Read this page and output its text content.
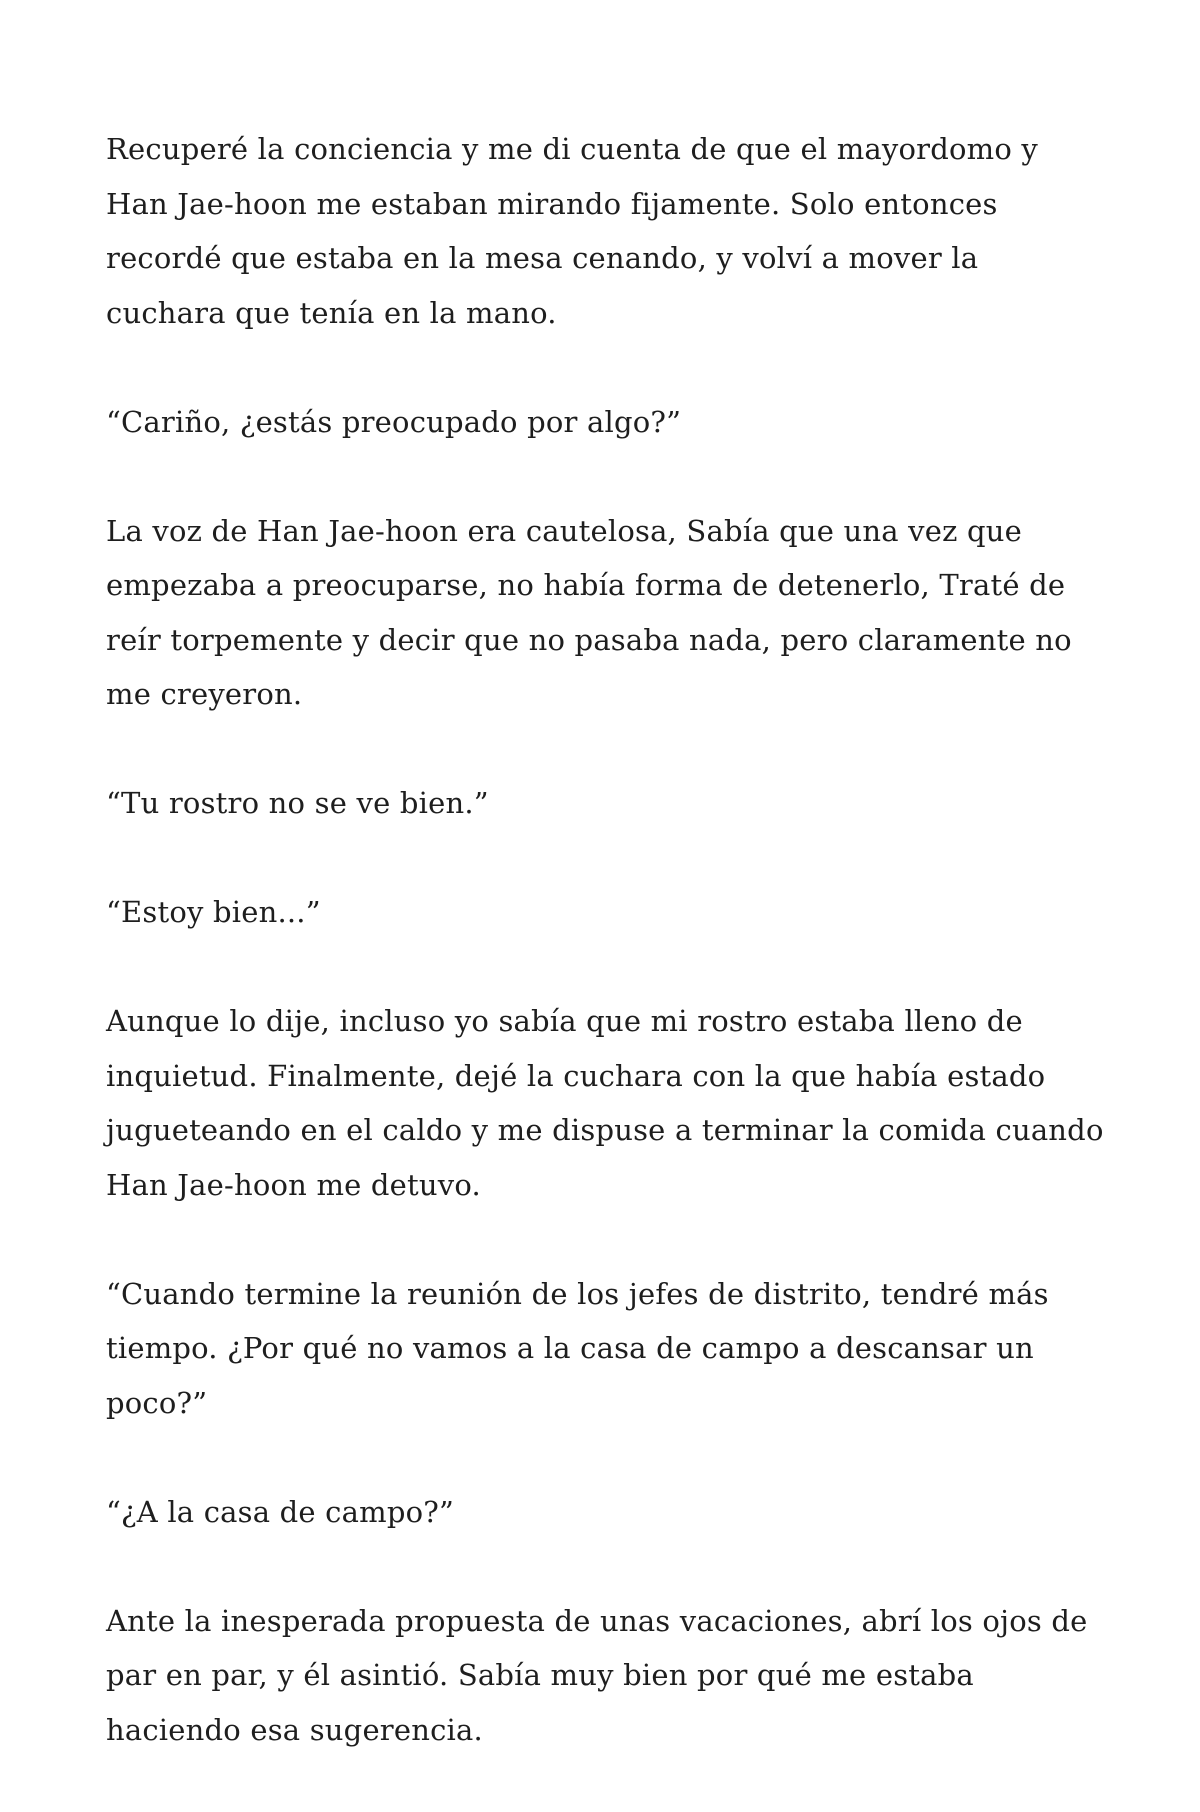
Recuperé la conciencia y me di cuenta de que el mayordomo y Han Jae-hoon me estaban mirando fijamente. Solo entonces recordé que estaba en la mesa cenando, y volví a mover la cuchara que tenía en la mano.

“Cariño, ¿estás preocupado por algo?”

La voz de Han Jae-hoon era cautelosa, Sabía que una vez que empezaba a preocuparse, no había forma de detenerlo, Traté de reír torpemente y decir que no pasaba nada, pero claramente no me creyeron.

“Tu rostro no se ve bien.”

“Estoy bien...”

Aunque lo dije, incluso yo sabía que mi rostro estaba lleno de inquietud. Finalmente, dejé la cuchara con la que había estado jugueteando en el caldo y me dispuse a terminar la comida cuando Han Jae-hoon me detuvo.

“Cuando termine la reunión de los jefes de distrito, tendré más tiempo. ¿Por qué no vamos a la casa de campo a descansar un poco?”

“¿A la casa de campo?”

Ante la inesperada propuesta de unas vacaciones, abrí los ojos de par en par, y él asintió. Sabía muy bien por qué me estaba haciendo esa sugerencia.
